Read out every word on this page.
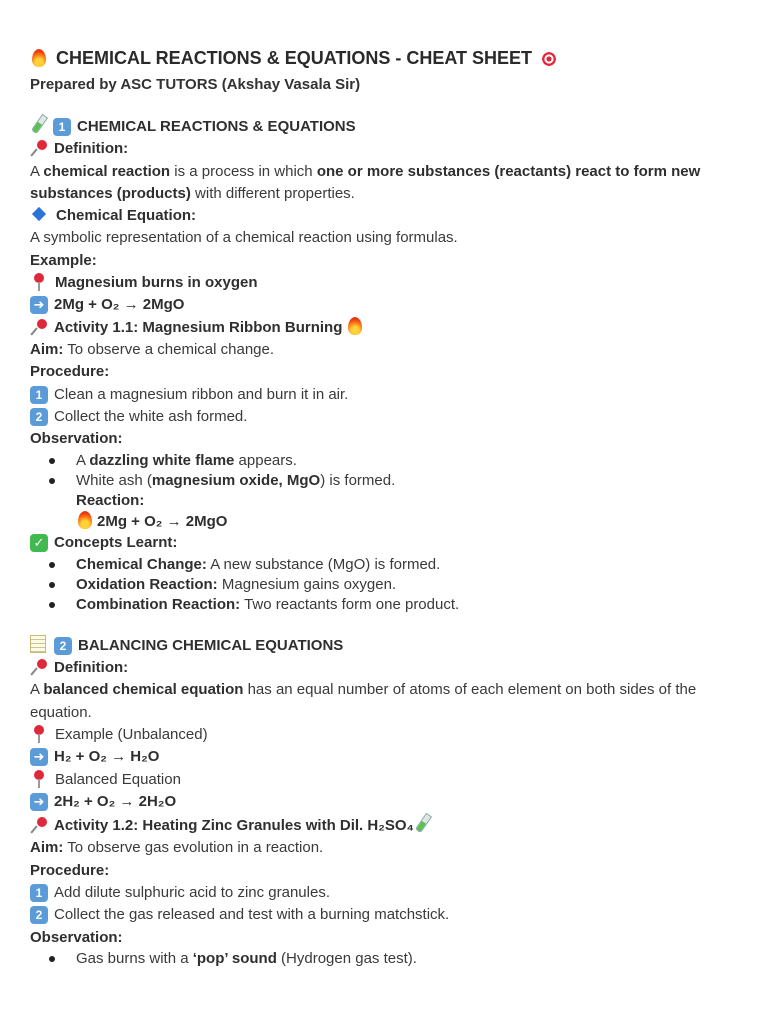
CHEMICAL REACTIONS & EQUATIONS - CHEAT SHEET
Prepared by ASC TUTORS (Akshay Vasala Sir)
1 CHEMICAL REACTIONS & EQUATIONS
Definition:
A chemical reaction is a process in which one or more substances (reactants) react to form new substances (products) with different properties.
Chemical Equation:
A symbolic representation of a chemical reaction using formulas.
Example:
Magnesium burns in oxygen
➜ 2Mg + O₂ → 2MgO
Activity 1.1: Magnesium Ribbon Burning
Aim: To observe a chemical change.
Procedure:
1 Clean a magnesium ribbon and burn it in air.
2 Collect the white ash formed.
Observation:
A dazzling white flame appears.
White ash (magnesium oxide, MgO) is formed.
Reaction:
2Mg + O₂ → 2MgO
✓ Concepts Learnt:
Chemical Change: A new substance (MgO) is formed.
Oxidation Reaction: Magnesium gains oxygen.
Combination Reaction: Two reactants form one product.
2 BALANCING CHEMICAL EQUATIONS
Definition:
A balanced chemical equation has an equal number of atoms of each element on both sides of the equation.
Example (Unbalanced)
➜ H₂ + O₂ → H₂O
Balanced Equation
➜ 2H₂ + O₂ → 2H₂O
Activity 1.2: Heating Zinc Granules with Dil. H₂SO₄
Aim: To observe gas evolution in a reaction.
Procedure:
1 Add dilute sulphuric acid to zinc granules.
2 Collect the gas released and test with a burning matchstick.
Observation:
Gas burns with a ‘pop’ sound (Hydrogen gas test).
